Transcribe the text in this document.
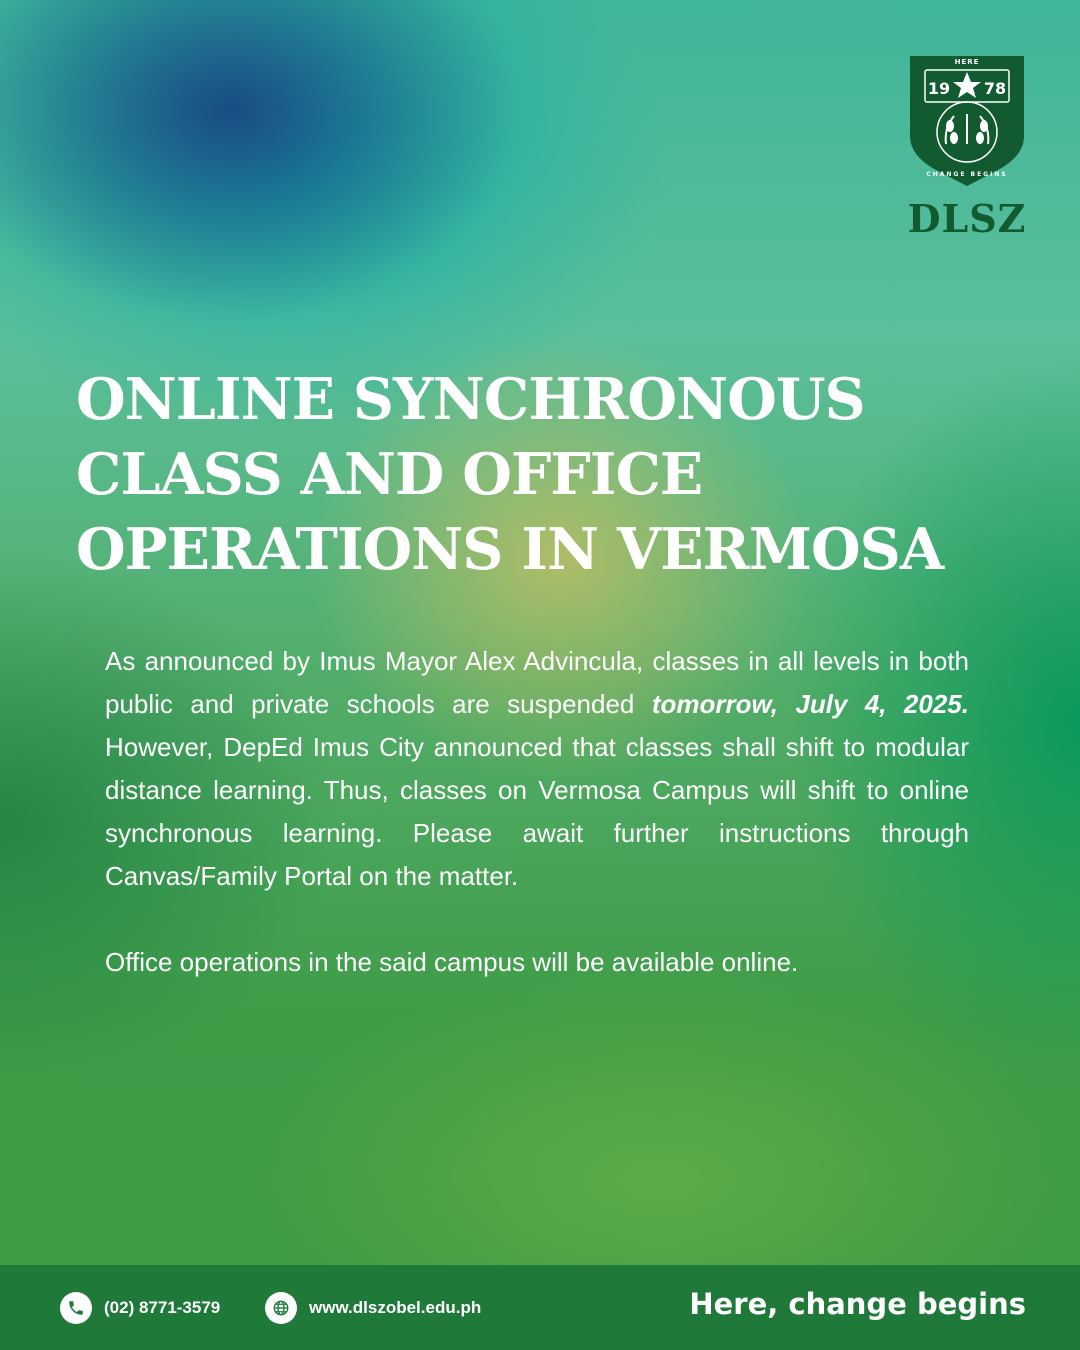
HERE
19 78
CHANGE BEGINS
DLSZ
ONLINE SYNCHRONOUS
CLASS AND OFFICE
OPERATIONS IN VERMOSA

As announced by Imus Mayor Alex Advincula, classes in all levels in both public and private schools are suspended tomorrow, July 4, 2025. However, DepEd Imus City announced that classes shall shift to modular distance learning. Thus, classes on Vermosa Campus will shift to online synchronous learning. Please await further instructions through Canvas/Family Portal on the matter.

Office operations in the said campus will be available online.

(02) 8771-3579	www.dlszobel.edu.ph	Here, change begins
